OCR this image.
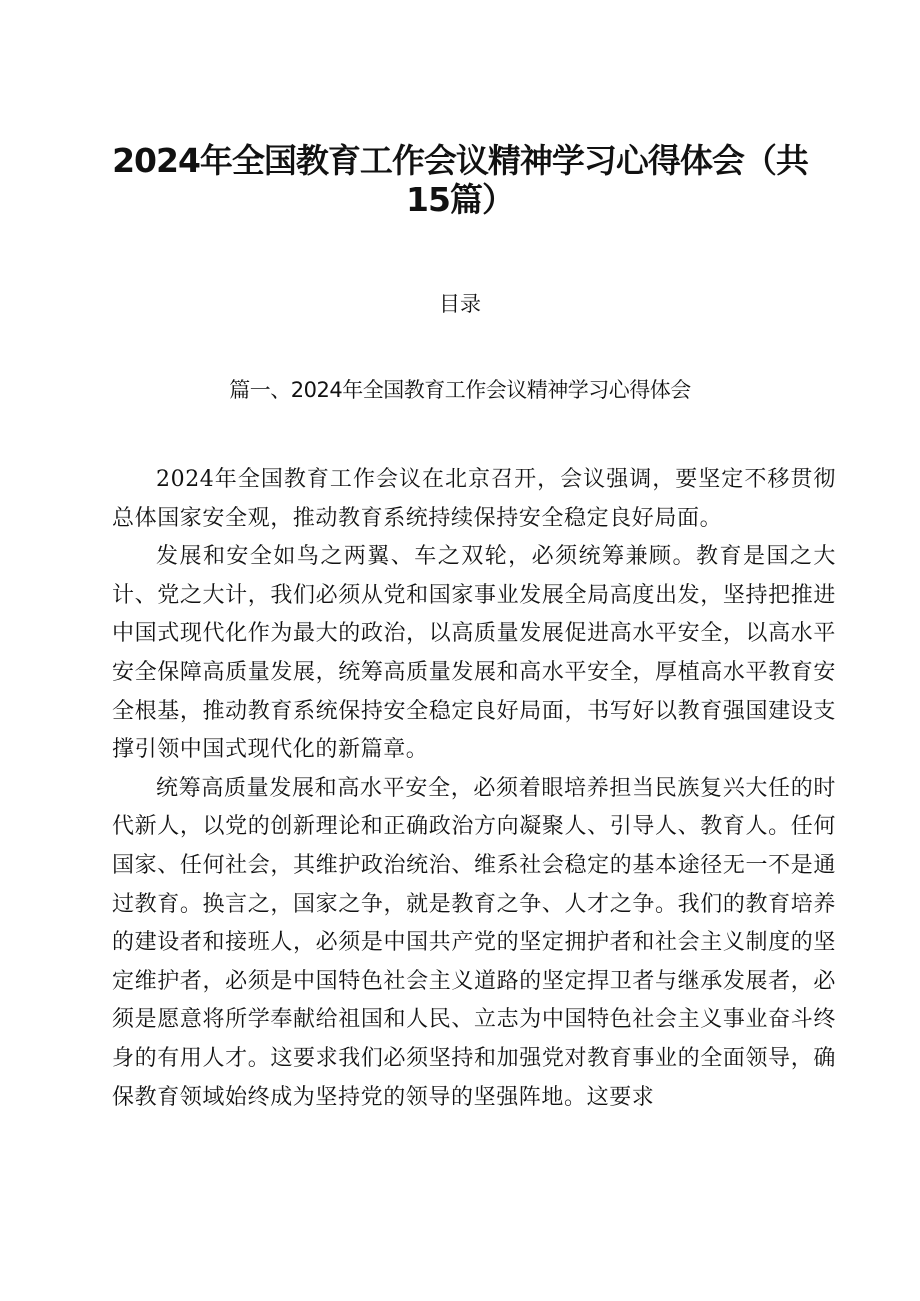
2024年全国教育工作会议精神学习心得体会（共
15篇）
目录
篇一、2024年全国教育工作会议精神学习心得体会

2024年全国教育工作会议在北京召开，会议强调，要坚定不移贯彻总体国家安全观，推动教育系统持续保持安全稳定良好局面。

发展和安全如鸟之两翼、车之双轮，必须统筹兼顾。教育是国之大计、党之大计，我们必须从党和国家事业发展全局高度出发，坚持把推进中国式现代化作为最大的政治，以高质量发展促进高水平安全，以高水平安全保障高质量发展，统筹高质量发展和高水平安全，厚植高水平教育安全根基，推动教育系统保持安全稳定良好局面，书写好以教育强国建设支撑引领中国式现代化的新篇章。

统筹高质量发展和高水平安全，必须着眼培养担当民族复兴大任的时代新人，以党的创新理论和正确政治方向凝聚人、引导人、教育人。任何国家、任何社会，其维护政治统治、维系社会稳定的基本途径无一不是通过教育。换言之，国家之争，就是教育之争、人才之争。我们的教育培养的建设者和接班人，必须是中国共产党的坚定拥护者和社会主义制度的坚定维护者，必须是中国特色社会主义道路的坚定捍卫者与继承发展者，必须是愿意将所学奉献给祖国和人民、立志为中国特色社会主义事业奋斗终身的有用人才。这要求我们必须坚持和加强党对教育事业的全面领导，确保教育领域始终成为坚持党的领导的坚强阵地。这要求
